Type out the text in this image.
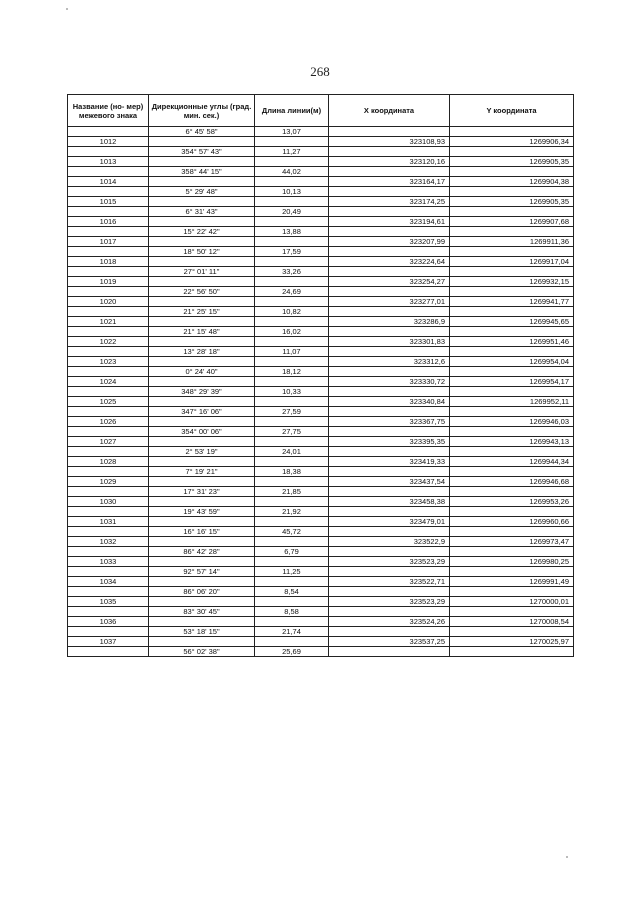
268
Название (но- мер) межевого знака	Дирекционные углы (град. мин. сек.)	Длина линии(м)	X координата	Y координата
	6° 45' 58"	13,07		
1012			323108,93	1269906,34
	354° 57' 43"	11,27		
1013			323120,16	1269905,35
	358° 44' 15"	44,02		
1014			323164,17	1269904,38
	5° 29' 48"	10,13		
1015			323174,25	1269905,35
	6° 31' 43"	20,49		
1016			323194,61	1269907,68
	15° 22' 42"	13,88		
1017			323207,99	1269911,36
	18° 50' 12"	17,59		
1018			323224,64	1269917,04
	27° 01' 11"	33,26		
1019			323254,27	1269932,15
	22° 56' 50"	24,69		
1020			323277,01	1269941,77
	21° 25' 15"	10,82		
1021			323286,9	1269945,65
	21° 15' 48"	16,02		
1022			323301,83	1269951,46
	13° 28' 18"	11,07		
1023			323312,6	1269954,04
	0° 24' 40"	18,12		
1024			323330,72	1269954,17
	348° 29' 39"	10,33		
1025			323340,84	1269952,11
	347° 16' 06"	27,59		
1026			323367,75	1269946,03
	354° 00' 06"	27,75		
1027			323395,35	1269943,13
	2° 53' 19"	24,01		
1028			323419,33	1269944,34
	7° 19' 21"	18,38		
1029			323437,54	1269946,68
	17° 31' 23"	21,85		
1030			323458,38	1269953,26
	19° 43' 59"	21,92		
1031			323479,01	1269960,66
	16° 16' 15"	45,72		
1032			323522,9	1269973,47
	86° 42' 28"	6,79		
1033			323523,29	1269980,25
	92° 57' 14"	11,25		
1034			323522,71	1269991,49
	86° 06' 20"	8,54		
1035			323523,29	1270000,01
	83° 30' 45"	8,58		
1036			323524,26	1270008,54
	53° 18' 15"	21,74		
1037			323537,25	1270025,97
	56° 02' 38"	25,69		
